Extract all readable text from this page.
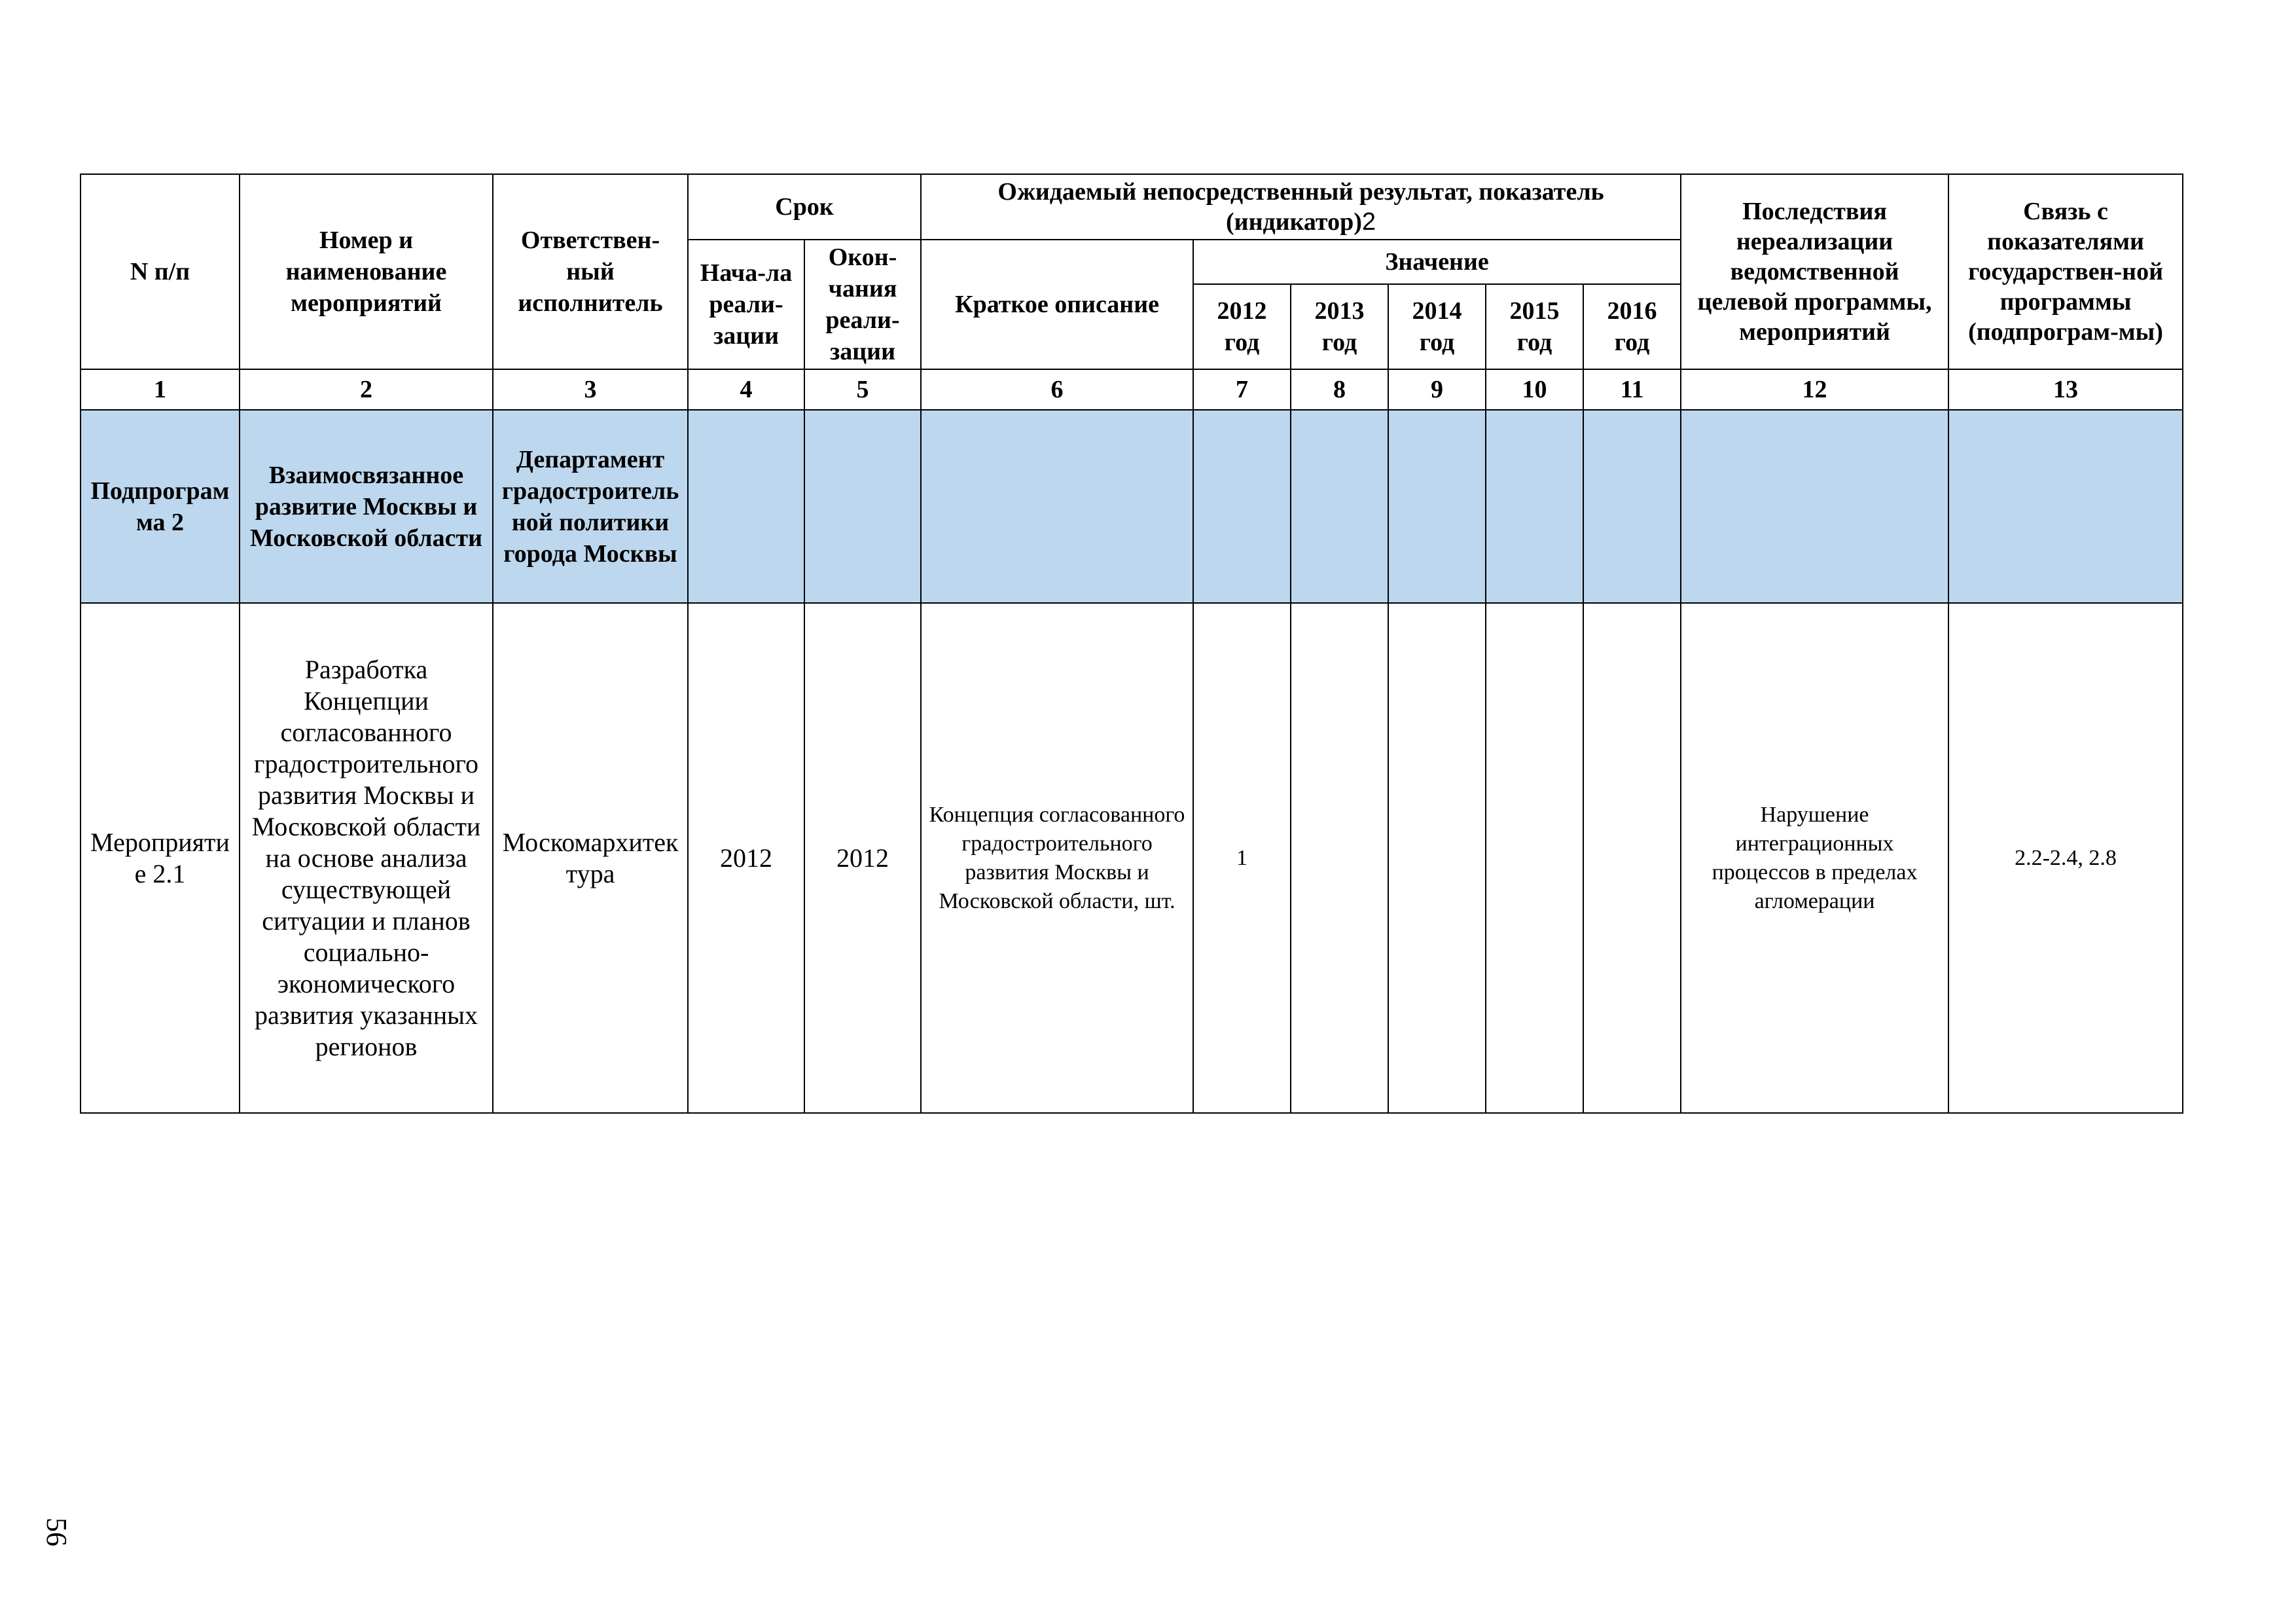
N п/п	Номер и наименование мероприятий	Ответствен-ный исполнитель	Срок		Ожидаемый непосредственный результат, показатель (индикатор)2						Последствия нереализации ведомственной целевой программы, мероприятий	Связь с показателями государствен-ной программы (подпрограм-мы)
			Нача-ла реали-зации	Окон-чания реали-зации	Краткое описание	Значение						
						2012 год	2013 год	2014 год	2015 год	2016 год		
1	2	3	4	5	6	7	8	9	10	11	12	13
Подпрограмма 2	Взаимосвязанное развитие Москвы и Московской области	Департамент градостроительной политики города Москвы										
Мероприятие 2.1	Разработка Концепции согласованного градостроительного развития Москвы и Московской области на основе анализа существующей ситуации и планов социально-экономического развития указанных регионов	Москомархитектура	2012	2012	Концепция согласованного градостроительного развития Москвы и Московской области, шт.	1					Нарушение интеграционных процессов в пределах агломерации	2.2-2.4, 2.8
56
